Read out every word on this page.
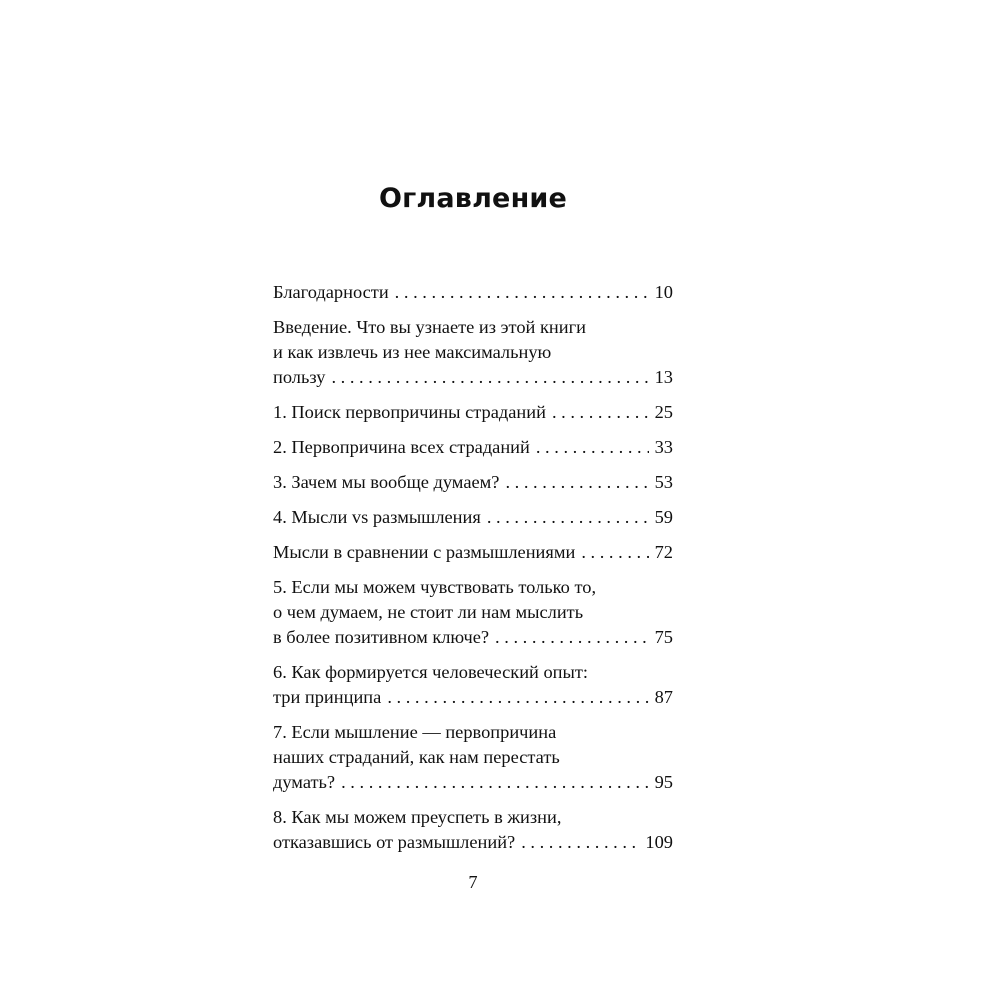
Оглавление
Благодарности . . .	10
Введение. Что вы узнаете из этой книги
и как извлечь из нее максимальную
пользу . . .	13
1. Поиск первопричины страданий . . .	25
2. Первопричина всех страданий . . .	33
3. Зачем мы вообще думаем? . . .	53
4. Мысли vs размышления . . .	59
Мысли в сравнении с размышлениями . . .	72
5. Если мы можем чувствовать только то,
о чем думаем, не стоит ли нам мыслить
в более позитивном ключе? . . .	75
6. Как формируется человеческий опыт:
три принципа . . .	87
7. Если мышление — первопричина
наших страданий, как нам перестать
думать? . . .	95
8. Как мы можем преуспеть в жизни,
отказавшись от размышлений? . . .	109
7
